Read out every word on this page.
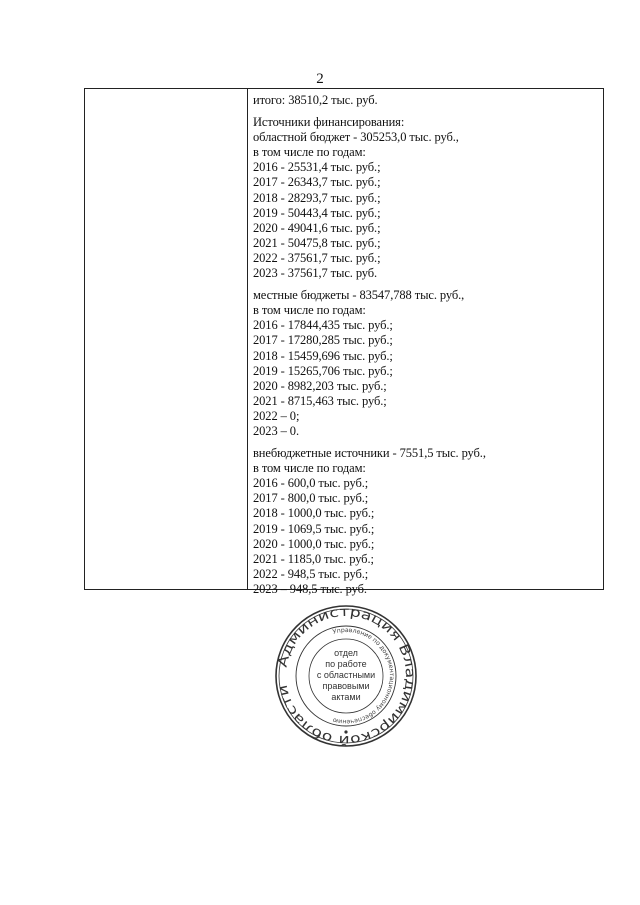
2
итого: 38510,2 тыс. руб.
Источники финансирования:
областной бюджет - 305253,0 тыс. руб.,
в том числе по годам:
2016 - 25531,4 тыс. руб.;
2017 - 26343,7 тыс. руб.;
2018 - 28293,7 тыс. руб.;
2019 - 50443,4 тыс. руб.;
2020 - 49041,6 тыс. руб.;
2021 - 50475,8 тыс. руб.;
2022 - 37561,7 тыс. руб.;
2023 - 37561,7 тыс. руб.
местные бюджеты - 83547,788 тыс. руб.,
в том числе по годам:
2016 - 17844,435 тыс. руб.;
2017 - 17280,285 тыс. руб.;
2018 - 15459,696 тыс. руб.;
2019 - 15265,706 тыс. руб.;
2020 - 8982,203 тыс. руб.;
2021 - 8715,463 тыс. руб.;
2022 – 0;
2023 – 0.
внебюджетные источники - 7551,5 тыс. руб.,
в том числе по годам:
2016 - 600,0 тыс. руб.;
2017 - 800,0 тыс. руб.;
2018 - 1000,0 тыс. руб.;
2019 - 1069,5 тыс. руб.;
2020 - 1000,0 тыс. руб.;
2021 - 1185,0 тыс. руб.;
2022 - 948,5 тыс. руб.;
2023 – 948,5 тыс. руб.
Администрация Владимирской области
Управление по документационному обеспечению
отдел
по работе
с областными
правовыми
актами
